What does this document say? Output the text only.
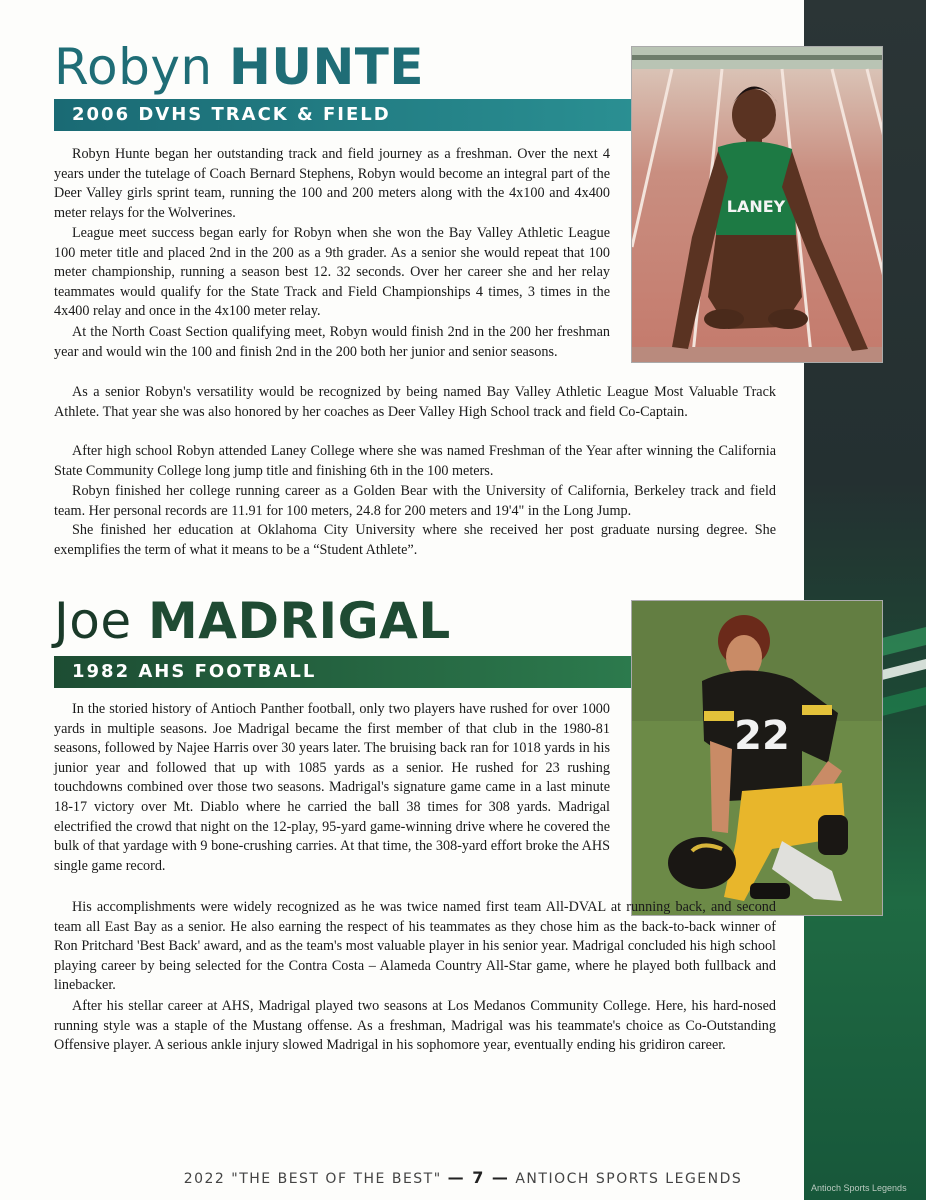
Antioch Sports Legends
Robyn HUNTE
2006 DVHS TRACK & FIELD
LANEY

Robyn Hunte began her outstanding track and field journey as a freshman. Over the next 4 years under the tutelage of Coach Bernard Stephens, Robyn would become an integral part of the Deer Valley girls sprint team, running the 100 and 200 meters along with the 4x100 and 4x400 meter relays for the Wolverines.

League meet success began early for Robyn when she won the Bay Valley Athletic League 100 meter title and placed 2nd in the 200 as a 9th grader. As a senior she would repeat that 100 meter championship, running a season best 12. 32 seconds. Over her career she and her relay teammates would qualify for the State Track and Field Championships 4 times, 3 times in the 4x400 relay and once in the 4x100 meter relay.

At the North Coast Section qualifying meet, Robyn would finish 2nd in the 200 her freshman year and would win the 100 and finish 2nd in the 200 both her junior and senior seasons.

As a senior Robyn's versatility would be recognized by being named Bay Valley Athletic League Most Valuable Track Athlete. That year she was also honored by her coaches as Deer Valley High School track and field Co-Captain.

After high school Robyn attended Laney College where she was named Freshman of the Year after winning the California State Community College long jump title and finishing 6th in the 100 meters.

Robyn finished her college running career as a Golden Bear with the University of California, Berkeley track and field team. Her personal records are 11.91 for 100 meters, 24.8 for 200 meters and 19'4" in the Long Jump.

She finished her education at Oklahoma City University where she received her post graduate nursing degree. She exemplifies the term of what it means to be a “Student Athlete”.

Joe MADRIGAL
1982 AHS FOOTBALL
22

In the storied history of Antioch Panther football, only two players have rushed for over 1000 yards in multiple seasons. Joe Madrigal became the first member of that club in the 1980-81 seasons, followed by Najee Harris over 30 years later. The bruising back ran for 1018 yards in his junior year and followed that up with 1085 yards as a senior. He rushed for 23 rushing touchdowns combined over those two seasons. Madrigal's signature game came in a last minute 18-17 victory over Mt. Diablo where he carried the ball 38 times for 308 yards. Madrigal electrified the crowd that night on the 12-play, 95-yard game-winning drive where he covered the bulk of that yardage with 9 bone-crushing carries. At that time, the 308-yard effort broke the AHS single game record.

His accomplishments were widely recognized as he was twice named first team All-DVAL at running back, and second team all East Bay as a senior. He also earning the respect of his teammates as they chose him as the back-to-back winner of Ron Pritchard 'Best Back' award, and as the team's most valuable player in his senior year. Madrigal concluded his high school playing career by being selected for the Contra Costa – Alameda Country All-Star game, where he played both fullback and linebacker.

After his stellar career at AHS, Madrigal played two seasons at Los Medanos Community College. Here, his hard-nosed running style was a staple of the Mustang offense. As a freshman, Madrigal was his teammate's choice as Co-Outstanding Offensive player. A serious ankle injury slowed Madrigal in his sophomore year, eventually ending his gridiron career.

2022 "THE BEST OF THE BEST" — 7 — ANTIOCH SPORTS LEGENDS
